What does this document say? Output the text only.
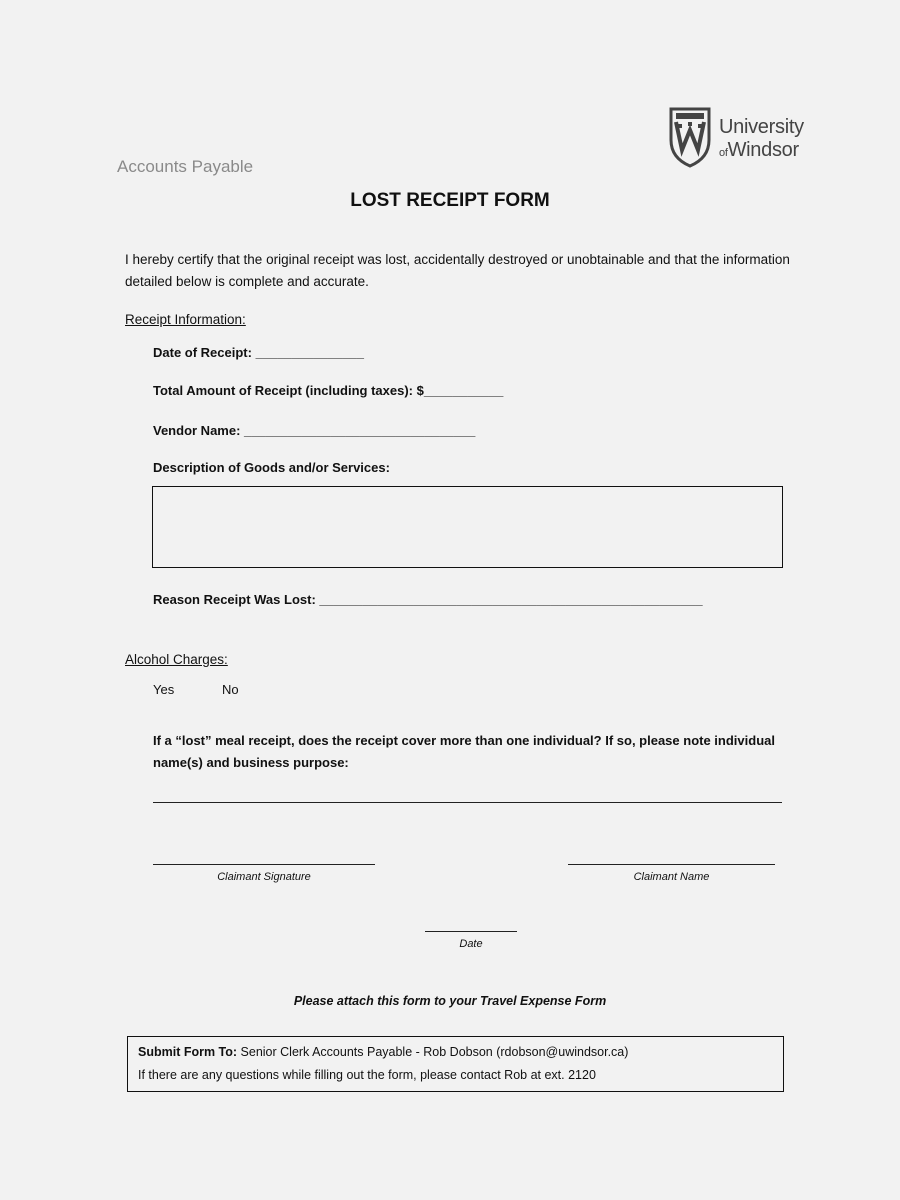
Accounts Payable
University
ofWindsor
LOST RECEIPT FORM
I hereby certify that the original receipt was lost, accidentally destroyed or unobtainable and that the information detailed below is complete and accurate.
Receipt Information:
Date of Receipt: _______________
Total Amount of Receipt (including taxes): $___________
Vendor Name: ________________________________
Description of Goods and/or Services:
Reason Receipt Was Lost: _____________________________________________________
Alcohol Charges:
Yes	No
If a “lost” meal receipt, does the receipt cover more than one individual? If so, please note individual name(s) and business purpose:
Claimant Signature	Claimant Name
Date
Please attach this form to your Travel Expense Form
Submit Form To: Senior Clerk Accounts Payable - Rob Dobson (rdobson@uwindsor.ca)
If there are any questions while filling out the form, please contact Rob at ext. 2120
